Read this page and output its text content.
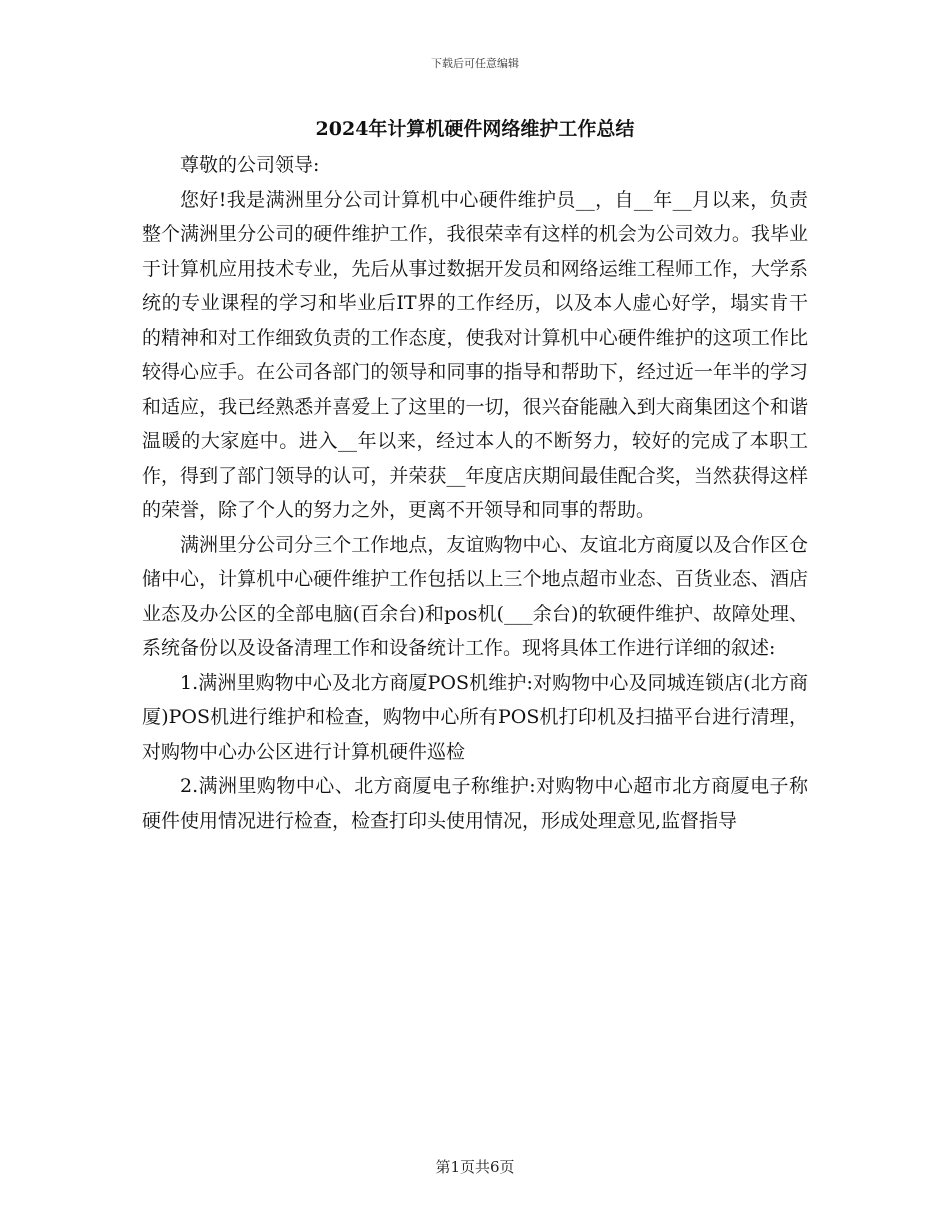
下载后可任意编辑
2024年计算机硬件网络维护工作总结

尊敬的公司领导:

您好!我是满洲里分公司计算机中心硬件维护员__，自__年__月以来，负责整个满洲里分公司的硬件维护工作，我很荣幸有这样的机会为公司效力。我毕业于计算机应用技术专业，先后从事过数据开发员和网络运维工程师工作，大学系统的专业课程的学习和毕业后IT界的工作经历，以及本人虚心好学，塌实肯干的精神和对工作细致负责的工作态度，使我对计算机中心硬件维护的这项工作比较得心应手。在公司各部门的领导和同事的指导和帮助下，经过近一年半的学习和适应，我已经熟悉并喜爱上了这里的一切，很兴奋能融入到大商集团这个和谐温暖的大家庭中。进入__年以来，经过本人的不断努力，较好的完成了本职工作，得到了部门领导的认可，并荣获__年度店庆期间最佳配合奖，当然获得这样的荣誉，除了个人的努力之外，更离不开领导和同事的帮助。

满洲里分公司分三个工作地点，友谊购物中心、友谊北方商厦以及合作区仓储中心，计算机中心硬件维护工作包括以上三个地点超市业态、百货业态、酒店业态及办公区的全部电脑(百余台)和pos机(___余台)的软硬件维护、故障处理、系统备份以及设备清理工作和设备统计工作。现将具体工作进行详细的叙述:

1.满洲里购物中心及北方商厦POS机维护:对购物中心及同城连锁店(北方商厦)POS机进行维护和检查，购物中心所有POS机打印机及扫描平台进行清理，对购物中心办公区进行计算机硬件巡检

2.满洲里购物中心、北方商厦电子称维护:对购物中心超市北方商厦电子称硬件使用情况进行检查，检查打印头使用情况，形成处理意见,监督指导

第1页共6页
